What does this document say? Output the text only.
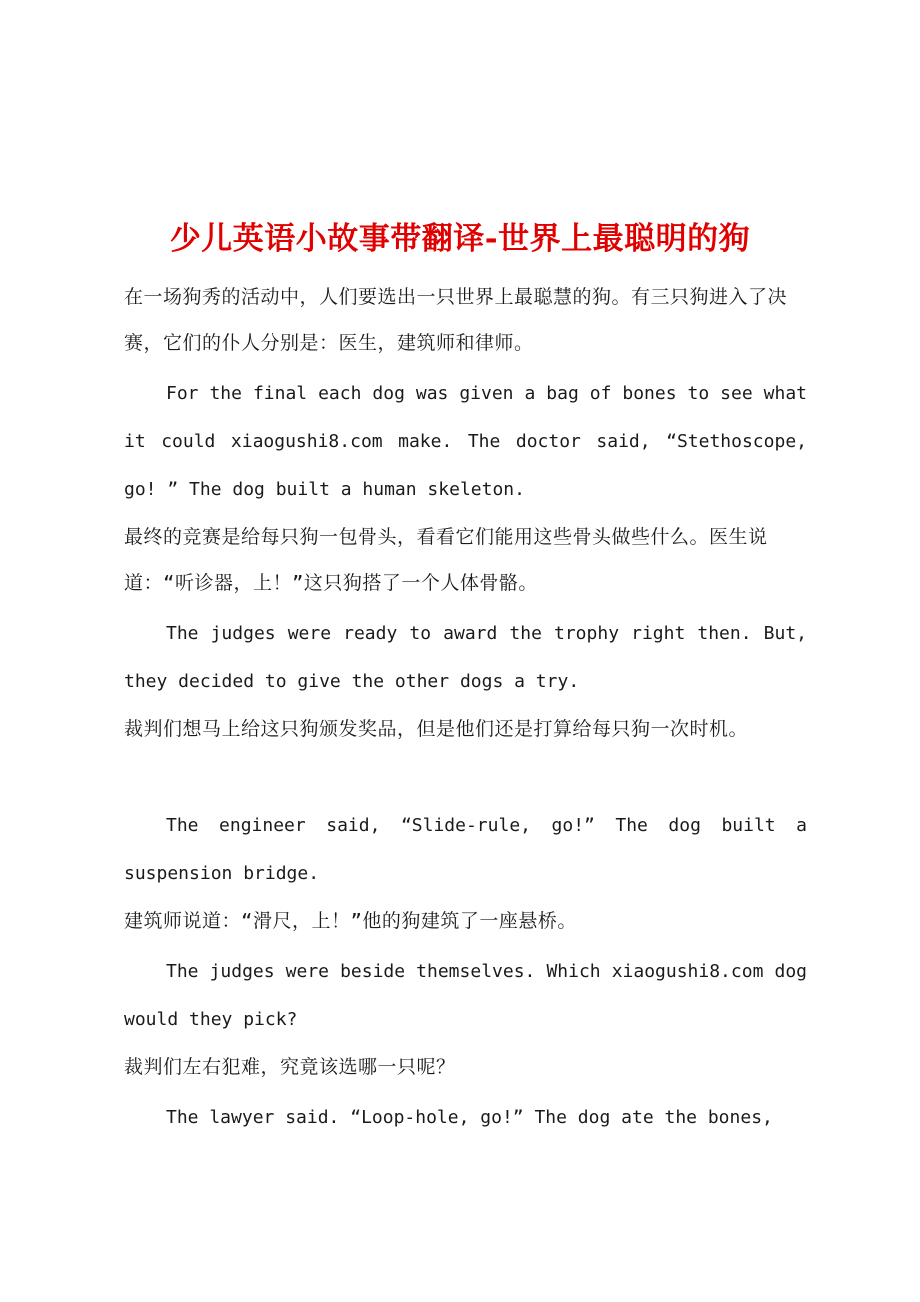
少儿英语小故事带翻译-世界上最聪明的狗

在一场狗秀的活动中，人们要选出一只世界上最聪慧的狗。有三只狗进入了决赛，它们的仆人分别是：医生，建筑师和律师。

For the final each dog was given a bag of bones to see what it could xiaogushi8.com make. The doctor said, “Stethoscope, go! ” The dog built a human skeleton.

最终的竞赛是给每只狗一包骨头，看看它们能用这些骨头做些什么。医生说道：“听诊器，上！”这只狗搭了一个人体骨骼。

The judges were ready to award the trophy right then. But, they decided to give the other dogs a try.

裁判们想马上给这只狗颁发奖品，但是他们还是打算给每只狗一次时机。

The engineer said, “Slide-rule, go!” The dog built a suspension bridge.

建筑师说道：“滑尺，上！”他的狗建筑了一座悬桥。

The judges were beside themselves. Which xiaogushi8.com dog would they pick?

裁判们左右犯难，究竟该选哪一只呢？

The lawyer said. “Loop-hole, go!” The dog ate the bones,
